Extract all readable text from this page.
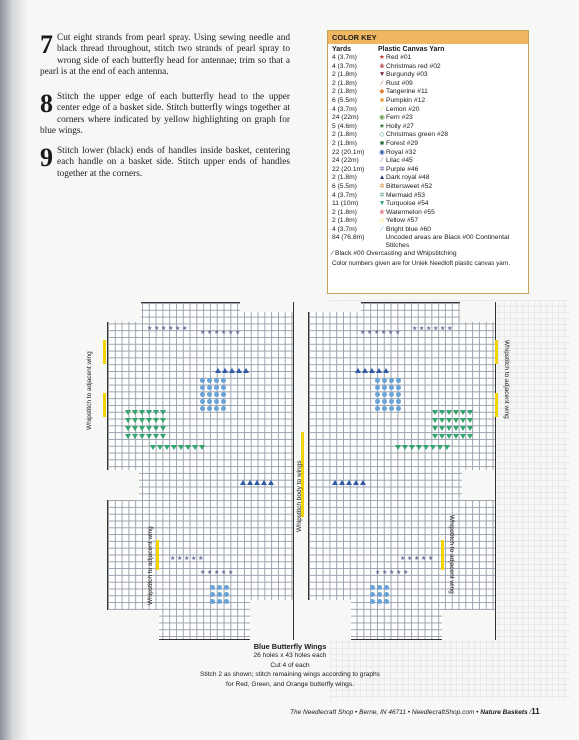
7 Cut eight strands from pearl spray. Using sewing needle and black thread throughout, stitch two strands of pearl spray to wrong side of each butterfly head for antennae; trim so that a pearl is at the end of each antenna.
8 Stitch the upper edge of each butterfly head to the upper center edge of a basket side. Stitch butterfly wings together at corners where indicated by yellow highlighting on graph for blue wings.
9 Stitch lower (black) ends of handles inside basket, centering each handle on a basket side. Stitch upper ends of handles together at the corners.
COLOR KEY
Yards	Plastic Canvas Yarn
4 (3.7m)	★ Red #01
4 (3.7m)	❀ Christmas red #02
2 (1.8m)	▼ Burgundy #03
2 (1.8m)	⁄ Rust #09
2 (1.8m)	◆ Tangerine #11
6 (5.5m)	■ Pumpkin #12
4 (3.7m)	⁄ Lemon #20
24 (22m)	◉ Fern #23
5 (4.6m)	★ Holly #27
2 (1.8m)	◇ Christmas green #28
2 (1.8m)	■ Forest #29
22 (20.1m)	◉ Royal #32
24 (22m)	⁄ Lilac #45
22 (20.1m)	✲ Purple #46
2 (1.8m)	▲ Dark royal #48
6 (5.5m)	✲ Bittersweet #52
4 (3.7m)	✲ Mermaid #53
11 (10m)	▼ Turquoise #54
2 (1.8m)	❀ Watermelon #55
2 (1.8m)	◇ Yellow #57
4 (3.7m)	⁄ Bright blue #60
84 (76.8m)	Uncoded areas are Black #00 Continental Stitches
⁄ Black #00 Overcasting and Whipstitching
Color numbers given are for Uniek Needloft plastic canvas yarn.
★
★	★
★
★
★	★
★
★
★	★
★
★
★	★
★
★
★	★
★
★
★	★
★
★
★	★
★
★
★	★
★
★
★	★
★
★
★	★
★
★
★	★
★
Whipstitch to adjacent wing	Whipstitch to adjacent wing
Whipstitch body to wings
Whipstitch to adjacent wing	Whipstitch to adjacent wing
Blue Butterfly Wings
26 holes x 43 holes each
Cut 4 of each
Stitch 2 as shown; stitch remaining wings according to graphs
for Red, Green, and Orange butterfly wings.
The Needlecraft Shop • Berne, IN 46711 • NeedlecraftShop.com • Nature Baskets /11
